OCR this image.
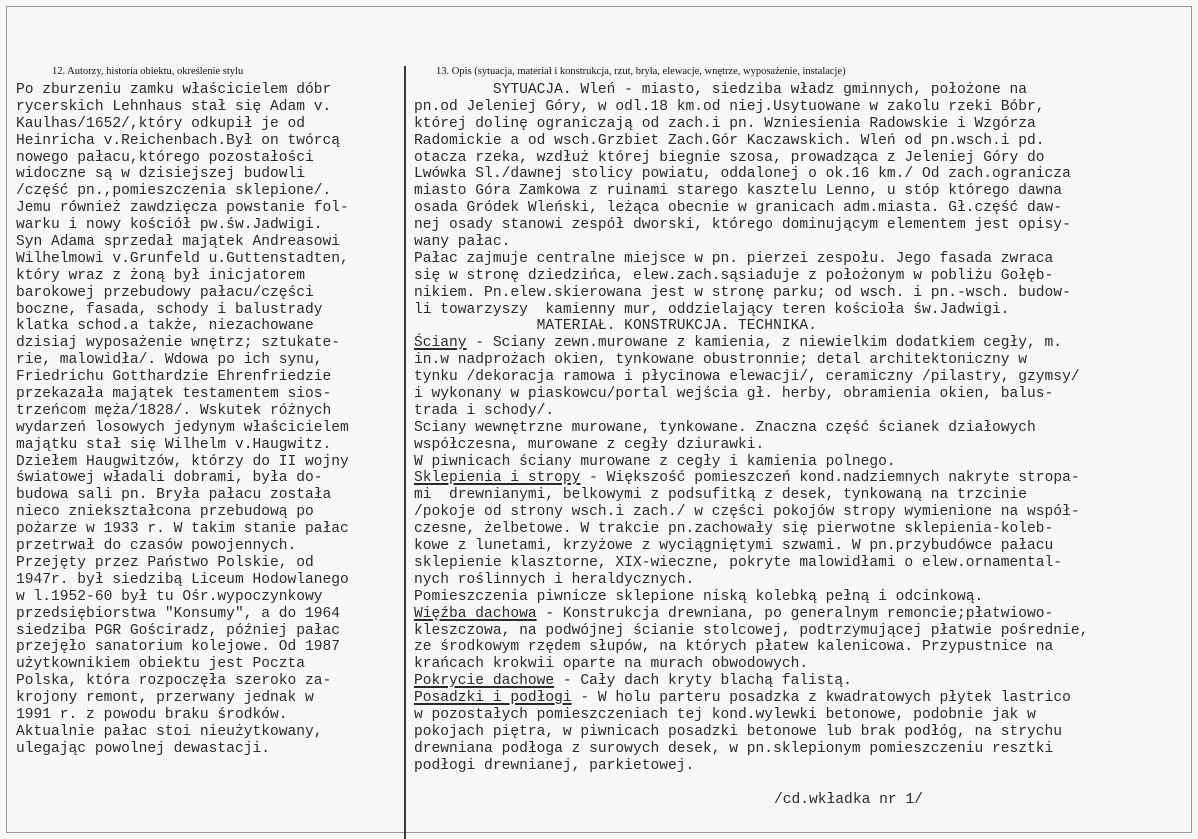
12. Autorzy, historia obiektu, określenie stylu	13. Opis (sytuacja, materiał i konstrukcja, rzut, bryła, elewacje, wnętrze, wyposażenie, instalacje)
Po zburzeniu zamku właścicielem dóbr
rycerskich Lehnhaus stał się Adam v.
Kaulhas/1652/,który odkupił je od
Heinricha v.Reichenbach.Był on twórcą
nowego pałacu,którego pozostałości
widoczne są w dzisiejszej budowli
/część pn.,pomieszczenia sklepione/.
Jemu również zawdzięcza powstanie fol-
warku i nowy kościół pw.św.Jadwigi.
Syn Adama sprzedał majątek Andreasowi
Wilhelmowi v.Grunfeld u.Guttenstadten,
który wraz z żoną był inicjatorem
barokowej przebudowy pałacu/części
boczne, fasada, schody i balustrady
klatka schod.a także, niezachowane
dzisiaj wyposażenie wnętrz; sztukate-
rie, malowidła/. Wdowa po ich synu,
Friedrichu Gotthardzie Ehrenfriedzie
przekazała majątek testamentem sios-
trzeńcom męża/1828/. Wskutek różnych
wydarzeń losowych jedynym właścicielem
majątku stał się Wilhelm v.Haugwitz.
Dziełem Haugwitzów, którzy do II wojny
światowej władali dobrami, była do-
budowa sali pn. Bryła pałacu została
nieco zniekształcona przebudową po
pożarze w 1933 r. W takim stanie pałac
przetrwał do czasów powojennych.
Przejęty przez Państwo Polskie, od
1947r. był siedzibą Liceum Hodowlanego
w l.1952-60 był tu Ośr.wypoczynkowy
przedsiębiorstwa "Konsumy", a do 1964
siedziba PGR Gościradz, później pałac
przejęło sanatorium kolejowe. Od 1987
użytkownikiem obiektu jest Poczta
Polska, która rozpoczęła szeroko za-
krojony remont, przerwany jednak w
1991 r. z powodu braku środków.
Aktualnie pałac stoi nieużytkowany,
ulegając powolnej dewastacji.
SYTUACJA. Wleń - miasto, siedziba władz gminnych, położone na
pn.od Jeleniej Góry, w odl.18 km.od niej.Usytuowane w zakolu rzeki Bóbr,
której dolinę ograniczają od zach.i pn. Wzniesienia Radowskie i Wzgórza
Radomickie a od wsch.Grzbiet Zach.Gór Kaczawskich. Wleń od pn.wsch.i pd.
otacza rzeka, wzdłuż której biegnie szosa, prowadząca z Jeleniej Góry do
Lwówka Sl./dawnej stolicy powiatu, oddalonej o ok.16 km./ Od zach.ogranicza
miasto Góra Zamkowa z ruinami starego kasztelu Lenno, u stóp którego dawna
osada Gródek Wleński, leżąca obecnie w granicach adm.miasta. Gł.część daw-
nej osady stanowi zespół dworski, którego dominującym elementem jest opisy-
wany pałac.
Pałac zajmuje centralne miejsce w pn. pierzei zespołu. Jego fasada zwraca
się w stronę dziedzińca, elew.zach.sąsiaduje z położonym w pobliżu Gołęb-
nikiem. Pn.elew.skierowana jest w stronę parku; od wsch. i pn.-wsch. budow-
li towarzyszy  kamienny mur, oddzielający teren kościoła św.Jadwigi.
MATERIAŁ. KONSTRUKCJA. TECHNIKA.
Ściany - Sciany zewn.murowane z kamienia, z niewielkim dodatkiem cegły, m.
in.w nadprożach okien, tynkowane obustronnie; detal architektoniczny w
tynku /dekoracja ramowa i płycinowa elewacji/, ceramiczny /pilastry, gzymsy/
i wykonany w piaskowcu/portal wejścia gł. herby, obramienia okien, balus-
trada i schody/.
Sciany wewnętrzne murowane, tynkowane. Znaczna część ścianek działowych
współczesna, murowane z cegły dziurawki.
W piwnicach ściany murowane z cegły i kamienia polnego.
Sklepienia i stropy - Większość pomieszczeń kond.nadziemnych nakryte stropa-
mi  drewnianymi, belkowymi z podsufitką z desek, tynkowaną na trzcinie
/pokoje od strony wsch.i zach./ w części pokojów stropy wymienione na współ-
czesne, żelbetowe. W trakcie pn.zachowały się pierwotne sklepienia-koleb-
kowe z lunetami, krzyżowe z wyciągniętymi szwami. W pn.przybudówce pałacu
sklepienie klasztorne, XIX-wieczne, pokryte malowidłami o elew.ornamental-
nych roślinnych i heraldycznych.
Pomieszczenia piwnicze sklepione niską kolebką pełną i odcinkową.
Więźba dachowa - Konstrukcja drewniana, po generalnym remoncie;płatwiowo-
kleszczowa, na podwójnej ścianie stolcowej, podtrzymującej płatwie pośrednie,
ze środkowym rzędem słupów, na których płatew kalenicowa. Przypustnice na
krańcach krokwii oparte na murach obwodowych.
Pokrycie dachowe - Cały dach kryty blachą falistą.
Posadzki i podłogi - W holu parteru posadzka z kwadratowych płytek lastrico
w pozostałych pomieszczeniach tej kond.wylewki betonowe, podobnie jak w
pokojach piętra, w piwnicach posadzki betonowe lub brak podłóg, na strychu
drewniana podłoga z surowych desek, w pn.sklepionym pomieszczeniu resztki
podłogi drewnianej, parkietowej.
/cd.wkładka nr 1/
